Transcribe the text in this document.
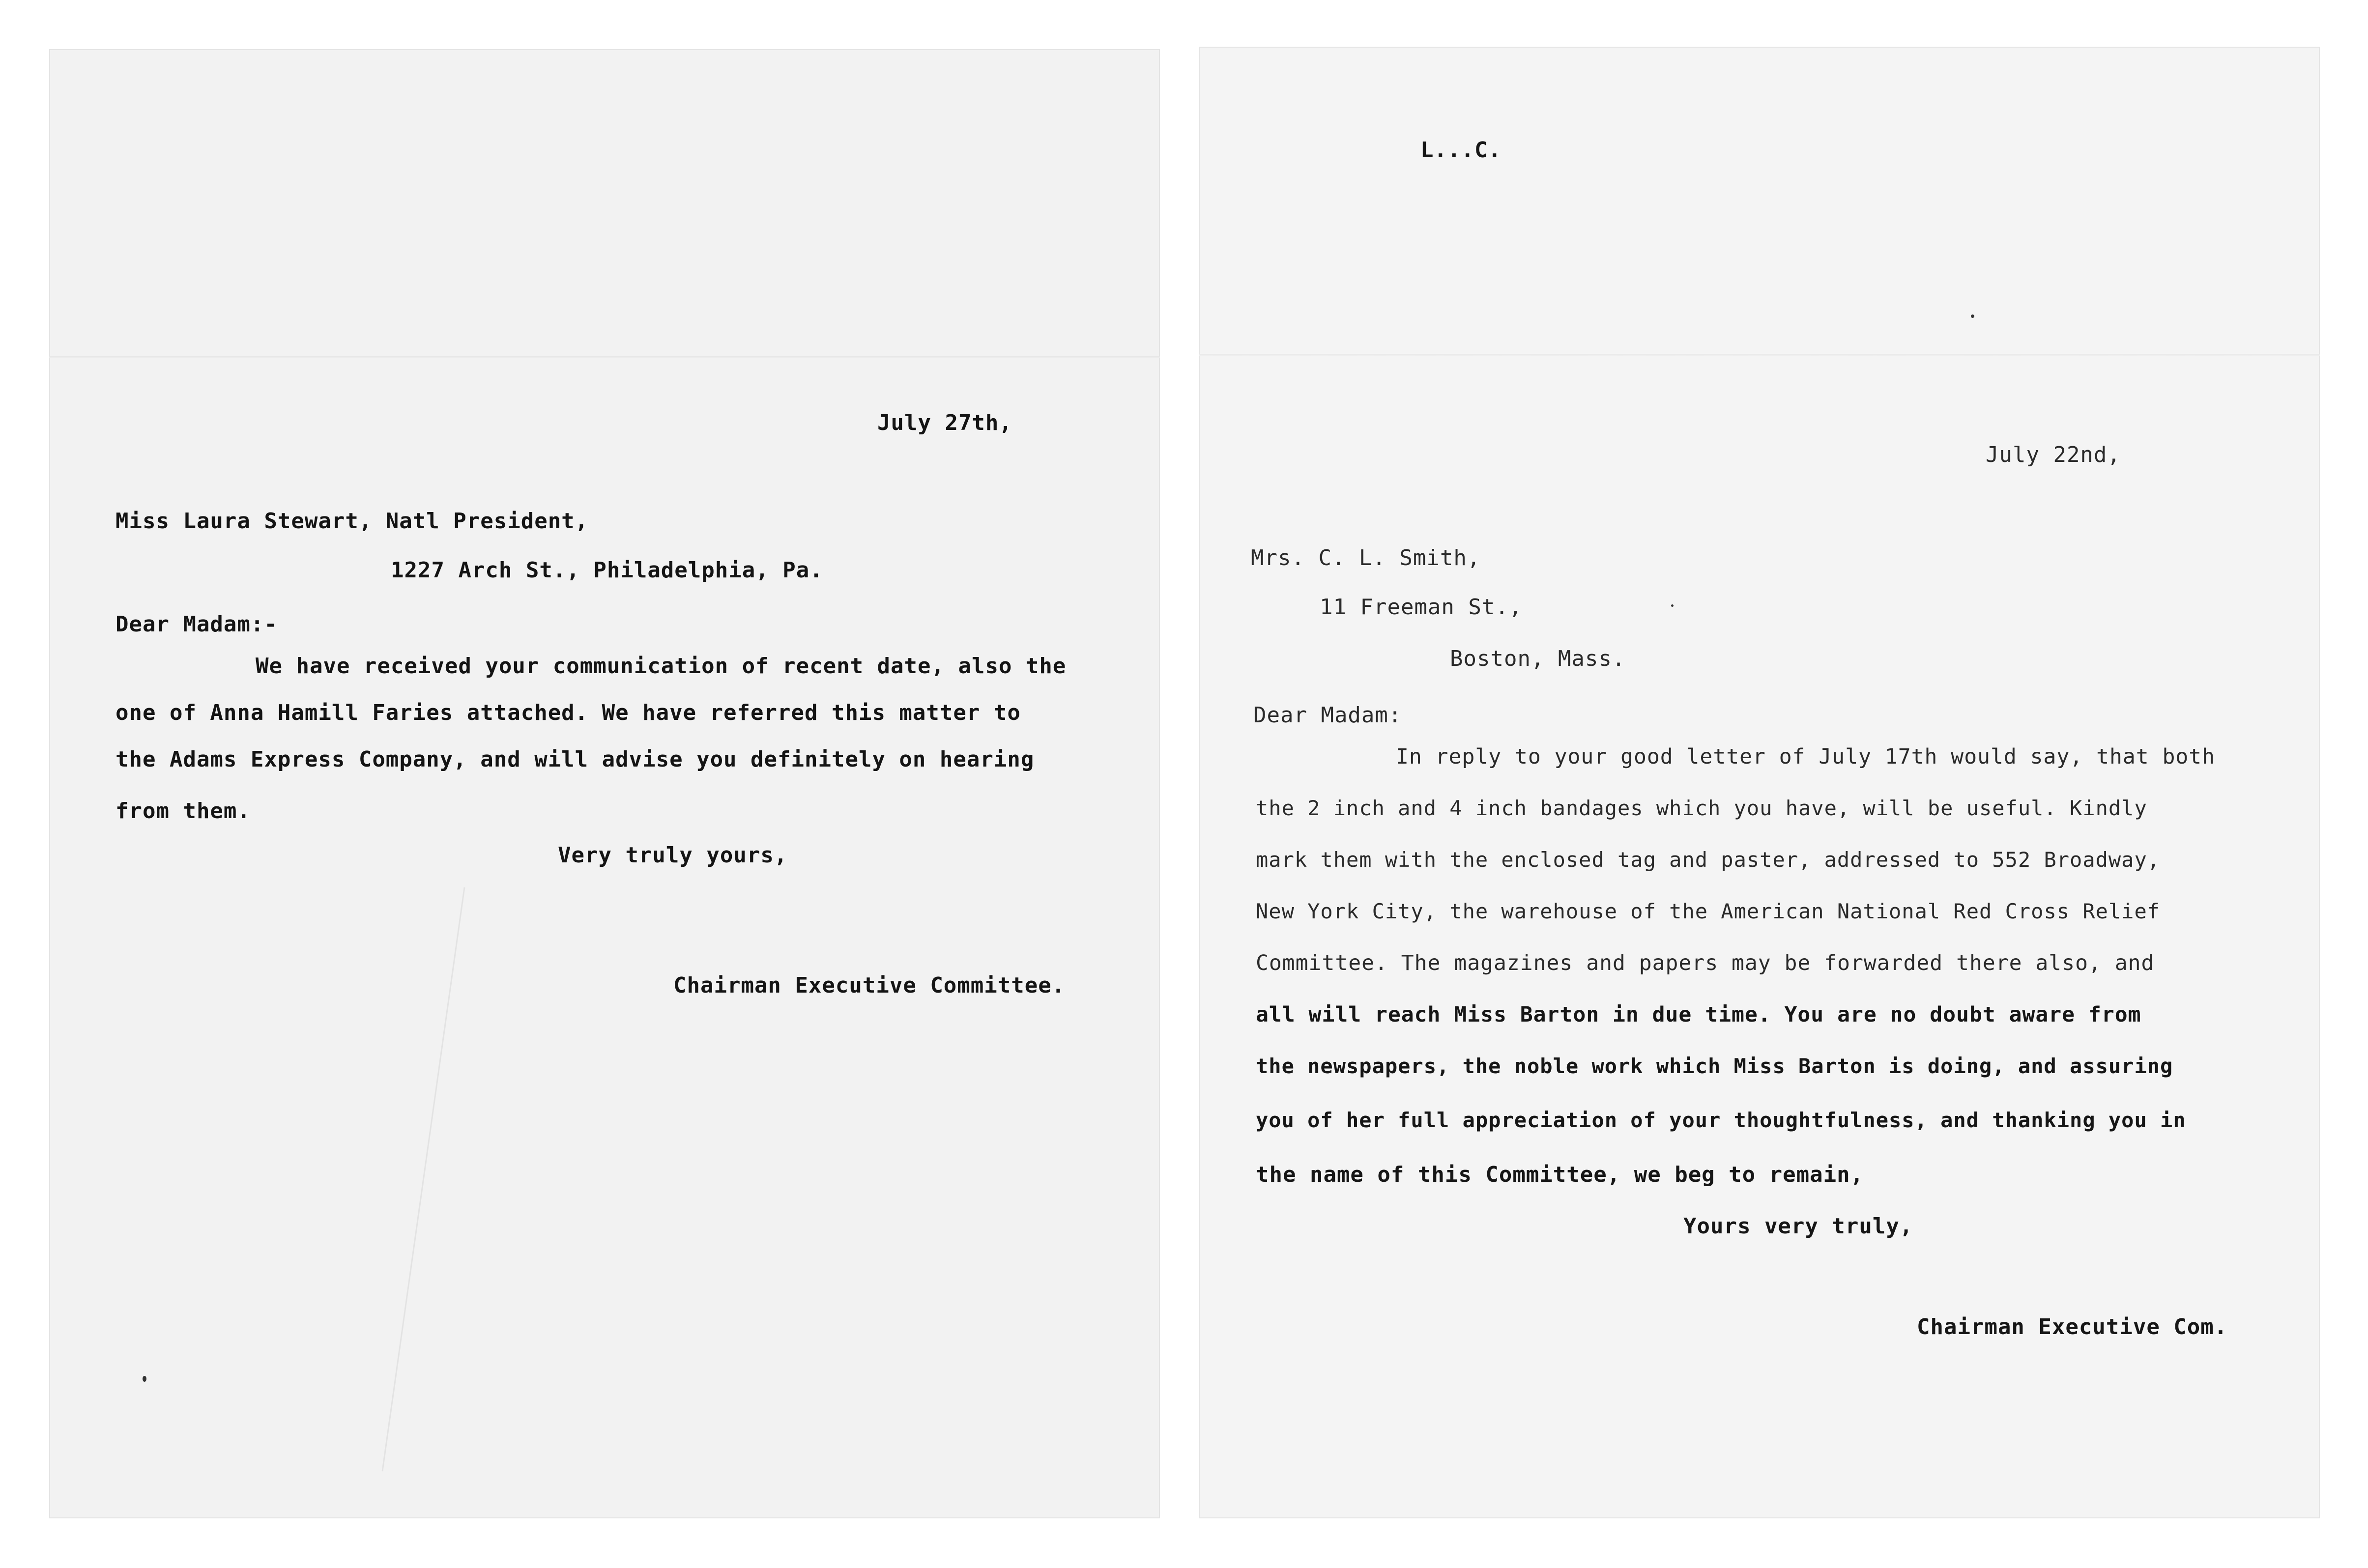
July 27th,
Miss Laura Stewart, Natl President,
1227 Arch St., Philadelphia, Pa.
Dear Madam:-
We have received your communication of recent date, also the
one of Anna Hamill Faries attached. We have referred this matter to
the Adams Express Company, and will advise you definitely on hearing
from them.
Very truly yours,
Chairman Executive Committee.
L...C.
July 22nd,
Mrs. C. L. Smith,
11 Freeman St.,
Boston, Mass.
Dear Madam:
In reply to your good letter of July 17th would say, that both
the 2 inch and 4 inch bandages which you have, will be useful. Kindly
mark them with the enclosed tag and paster, addressed to 552 Broadway,
New York City, the warehouse of the American National Red Cross Relief
Committee. The magazines and papers may be forwarded there also, and
all will reach Miss Barton in due time. You are no doubt aware from
the newspapers, the noble work which Miss Barton is doing, and assuring
you of her full appreciation of your thoughtfulness, and thanking you in
the name of this Committee, we beg to remain,
Yours very truly,
Chairman Executive Com.
